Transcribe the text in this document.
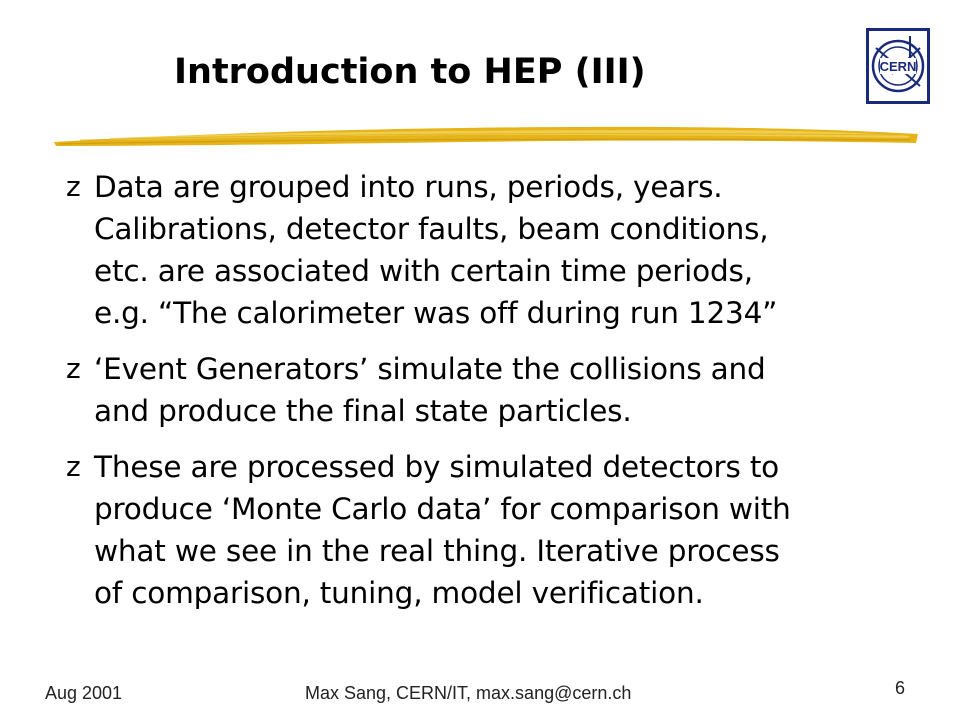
Introduction to HEP (III)	CERN
z Data are grouped into runs, periods, years.
Calibrations, detector faults, beam conditions,
etc. are associated with certain time periods,
e.g. “The calorimeter was off during run 1234”
z ‘Event Generators’ simulate the collisions and
and produce the final state particles.
z These are processed by simulated detectors to
produce ‘Monte Carlo data’ for comparison with
what we see in the real thing. Iterative process
of comparison, tuning, model verification.
Aug 2001	Max Sang, CERN/IT, max.sang@cern.ch	6
